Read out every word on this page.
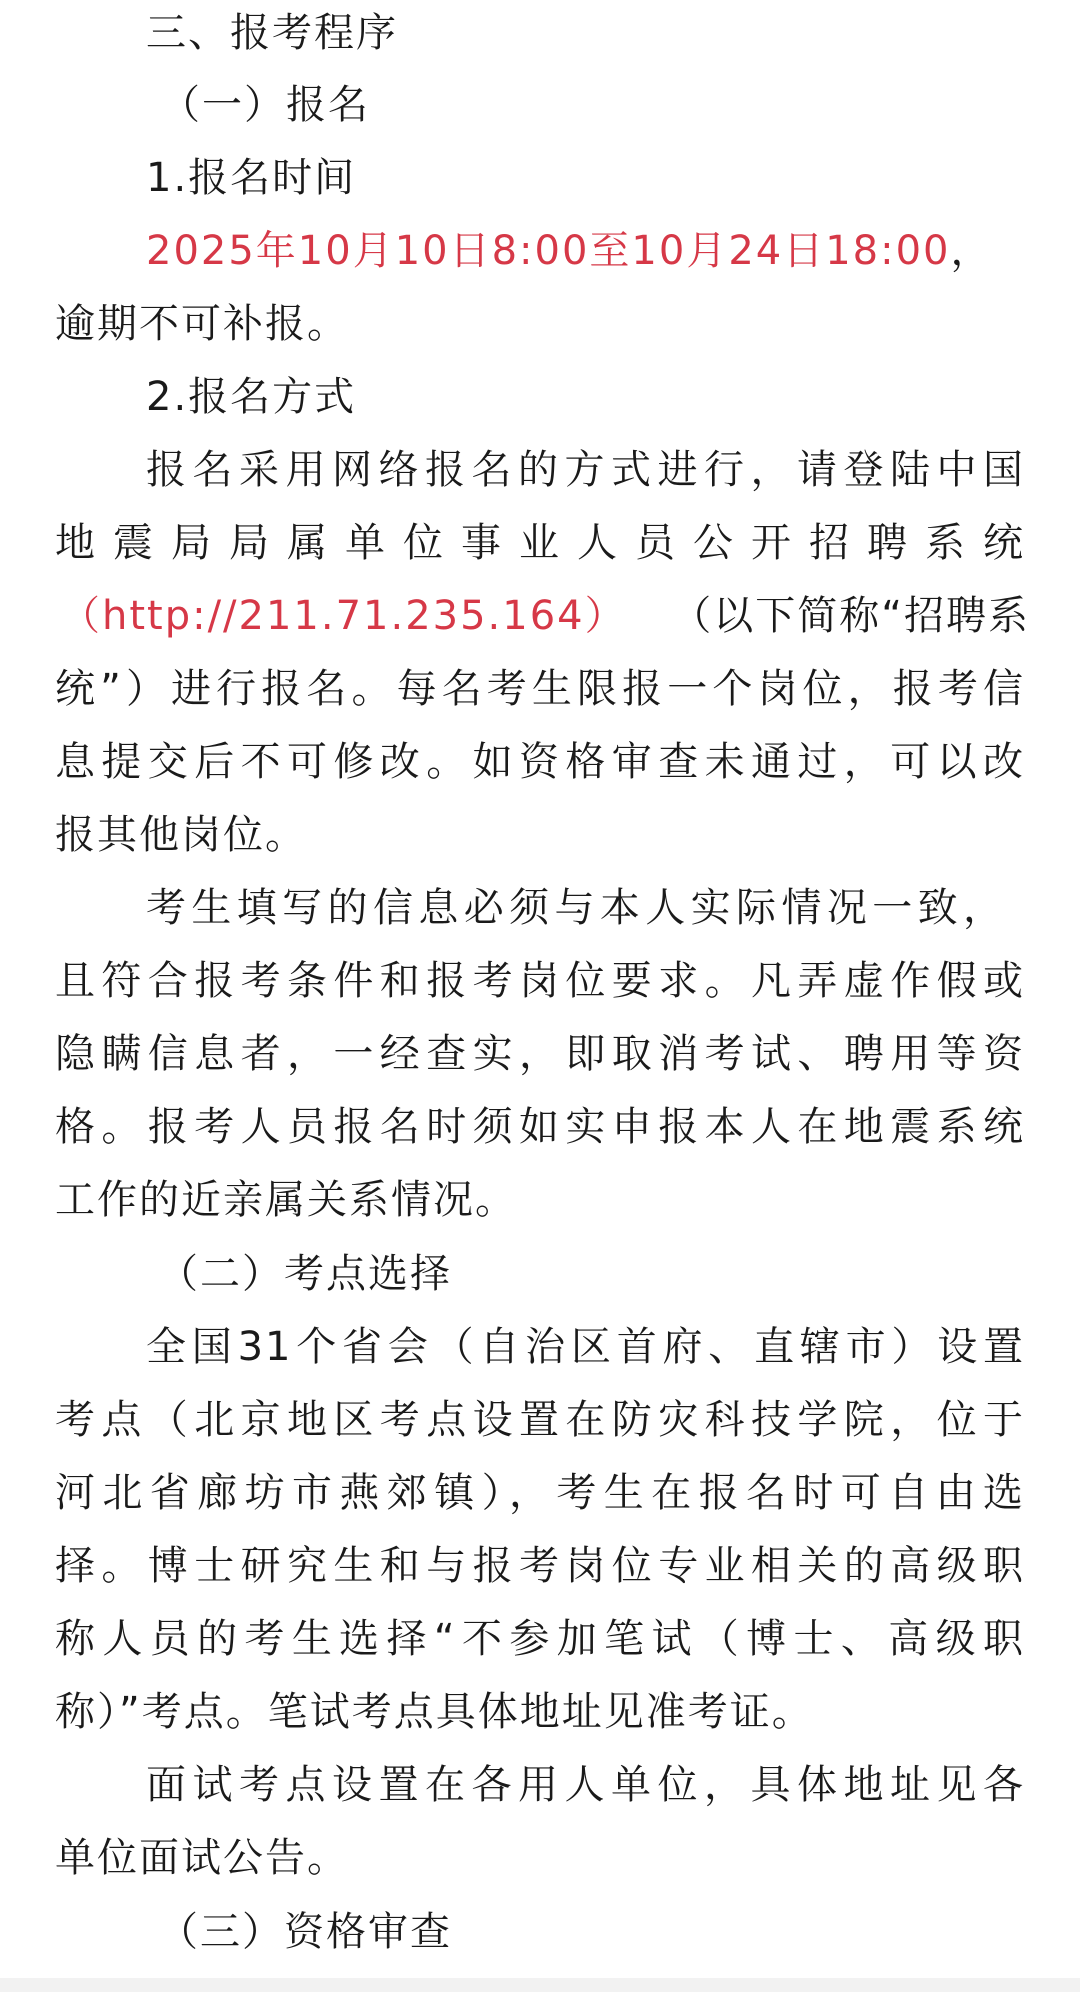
三、报考程序
（一）报名
1.报名时间
2025年10月10日8:00至10月24日18:00，
逾期不可补报。
2.报名方式
报名采用网络报名的方式进行，请登陆中国
地震局局属单位事业人员公开招聘系统
（http://211.71.235.164） （以下简称“招聘系
统”）进行报名。每名考生限报一个岗位，报考信
息提交后不可修改。如资格审查未通过，可以改
报其他岗位。
考生填写的信息必须与本人实际情况一致，
且符合报考条件和报考岗位要求。凡弄虚作假或
隐瞒信息者，一经查实，即取消考试、聘用等资
格。报考人员报名时须如实申报本人在地震系统
工作的近亲属关系情况。
（二）考点选择
全国31个省会（自治区首府、直辖市）设置
考点（北京地区考点设置在防灾科技学院，位于
河北省廊坊市燕郊镇），考生在报名时可自由选
择。博士研究生和与报考岗位专业相关的高级职
称人员的考生选择“不参加笔试（博士、高级职
称）”考点。笔试考点具体地址见准考证。
面试考点设置在各用人单位，具体地址见各
单位面试公告。
（三）资格审查
